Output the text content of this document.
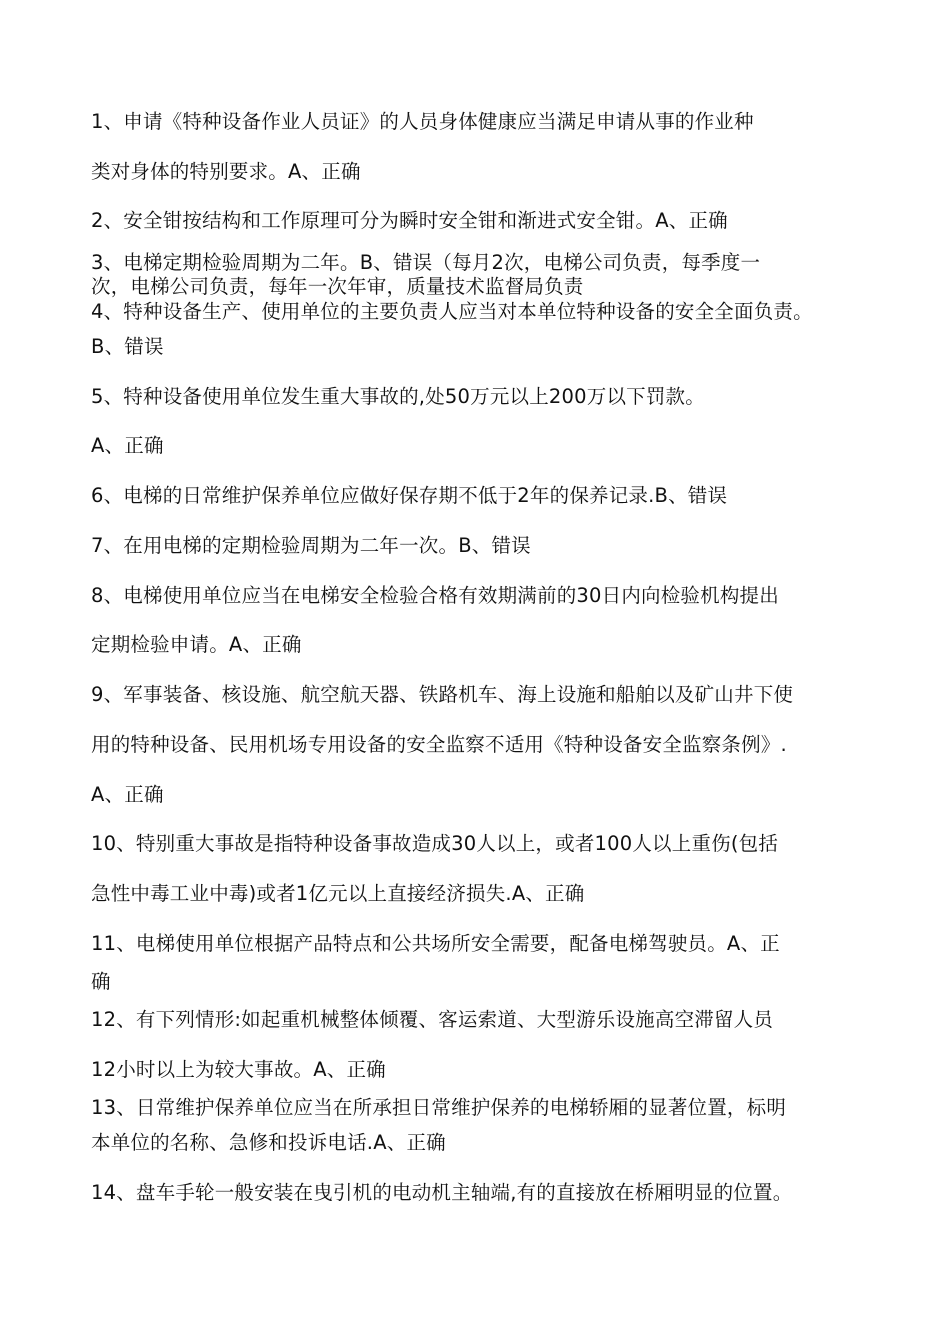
1、申请《特种设备作业人员证》的人员身体健康应当满足申请从事的作业种
类对身体的特别要求。A、正确
2、安全钳按结构和工作原理可分为瞬时安全钳和渐进式安全钳。A、正确
3、电梯定期检验周期为二年。B、错误（每月2次，电梯公司负责，每季度一
次，电梯公司负责，每年一次年审，质量技术监督局负责
4、特种设备生产、使用单位的主要负责人应当对本单位特种设备的安全全面负责。
B、错误
5、特种设备使用单位发生重大事故的,处50万元以上200万以下罚款。
A、正确
6、电梯的日常维护保养单位应做好保存期不低于2年的保养记录.B、错误
7、在用电梯的定期检验周期为二年一次。B、错误
8、电梯使用单位应当在电梯安全检验合格有效期满前的30日内向检验机构提出
定期检验申请。A、正确
9、军事装备、核设施、航空航天器、铁路机车、海上设施和船舶以及矿山井下使
用的特种设备、民用机场专用设备的安全监察不适用《特种设备安全监察条例》.
A、正确
10、特别重大事故是指特种设备事故造成30人以上，或者100人以上重伤(包括
急性中毒工业中毒)或者1亿元以上直接经济损失.A、正确
11、电梯使用单位根据产品特点和公共场所安全需要，配备电梯驾驶员。A、正
确
12、有下列情形:如起重机械整体倾覆、客运索道、大型游乐设施高空滞留人员
12小时以上为较大事故。A、正确
13、日常维护保养单位应当在所承担日常维护保养的电梯轿厢的显著位置，标明
本单位的名称、急修和投诉电话.A、正确
14、盘车手轮一般安装在曳引机的电动机主轴端,有的直接放在桥厢明显的位置。
